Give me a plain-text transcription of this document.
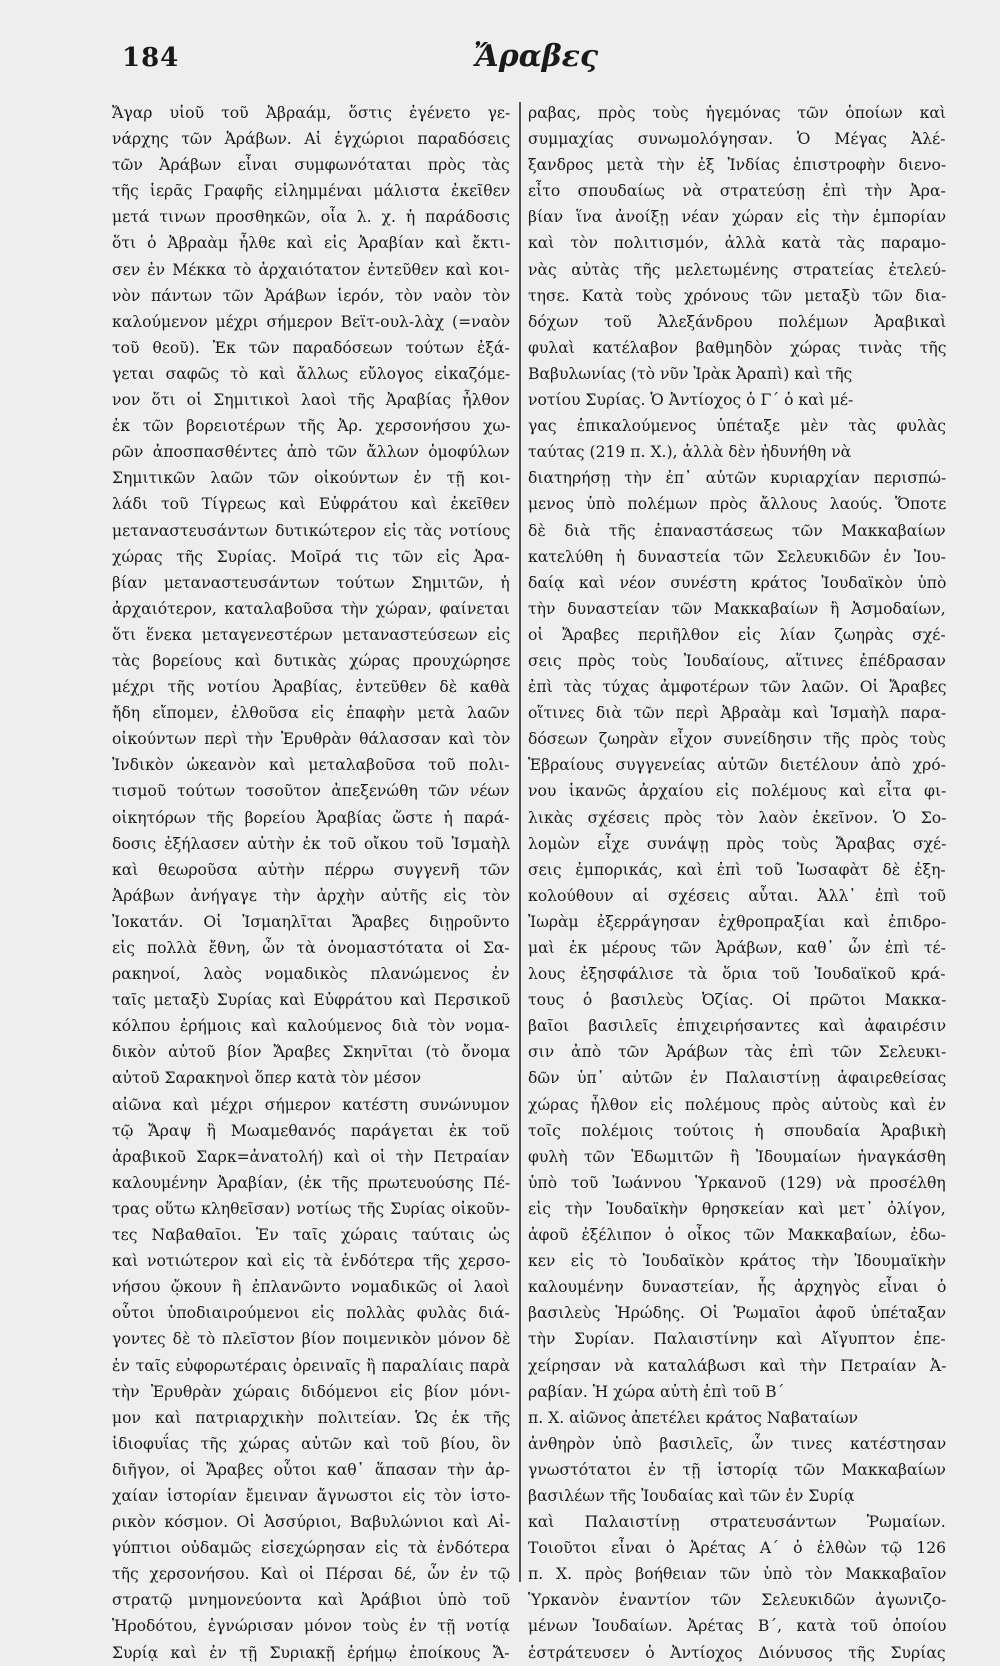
184	Ἄραβες
Ἄγαρ υἱοῦ τοῦ Ἀβραάμ, ὅστις ἐγένετο γε-
νάρχης τῶν Ἀράβων. Αἱ ἐγχώριοι παραδόσεις
τῶν Ἀράβων εἶναι συμφωνόταται πρὸς τὰς
τῆς ἱερᾶς Γραφῆς εἰλημμέναι μάλιστα ἐκεῖθεν
μετά τινων προσθηκῶν, οἷα λ. χ. ἡ παράδοσις
ὅτι ὁ Ἀβραὰμ ἦλθε καὶ εἰς Ἀραβίαν καὶ ἔκτι-
σεν ἐν Μέκκα τὸ ἀρχαιότατον ἐντεῦθεν καὶ κοι-
νὸν πάντων τῶν Ἀράβων ἱερόν, τὸν ναὸν τὸν
καλούμενον μέχρι σήμερον Βεϊτ-ουλ-λὰχ (=ναὸν
τοῦ θεοῦ). Ἐκ τῶν παραδόσεων τούτων ἐξά-
γεται σαφῶς τὸ καὶ ἄλλως εὔλογος εἰκαζόμε-
νον ὅτι οἱ Σημιτικοὶ λαοὶ τῆς Ἀραβίας ἦλθον
ἐκ τῶν βορειοτέρων τῆς Ἀρ. χερσονήσου χω-
ρῶν ἀποσπασθέντες ἀπὸ τῶν ἄλλων ὁμοφύλων
Σημιτικῶν λαῶν τῶν οἰκούντων ἐν τῇ κοι-
λάδι τοῦ Τίγρεως καὶ Εὐφράτου καὶ ἐκεῖθεν
μεταναστευσάντων δυτικώτερον εἰς τὰς νοτίους
χώρας τῆς Συρίας. Μοῖρά τις τῶν εἰς Ἀρα-
βίαν μεταναστευσάντων τούτων Σημιτῶν, ἡ
ἀρχαιότερον, καταλαβοῦσα τὴν χώραν, φαίνεται
ὅτι ἕνεκα μεταγενεστέρων μεταναστεύσεων εἰς
τὰς βορείους καὶ δυτικὰς χώρας προυχώρησε
μέχρι τῆς νοτίου Ἀραβίας, ἐντεῦθεν δὲ καθὰ
ἤδη εἴπομεν, ἐλθοῦσα εἰς ἐπαφὴν μετὰ λαῶν
οἰκούντων περὶ τὴν Ἐρυθρὰν θάλασσαν καὶ τὸν
Ἰνδικὸν ὠκεανὸν καὶ μεταλαβοῦσα τοῦ πολι-
τισμοῦ τούτων τοσοῦτον ἀπεξενώθη τῶν νέων
οἰκητόρων τῆς βορείου Ἀραβίας ὥστε ἡ παρά-
δοσις ἐξήλασεν αὐτὴν ἐκ τοῦ οἴκου τοῦ Ἰσμαὴλ
καὶ θεωροῦσα αὐτὴν πέρρω συγγενῆ τῶν
Ἀράβων ἀνήγαγε τὴν ἀρχὴν αὐτῆς εἰς τὸν
Ἰοκατάν. Οἱ Ἰσμαηλῖται Ἄραβες διῃροῦντο
εἰς πολλὰ ἔθνη, ὧν τὰ ὀνομαστότατα οἱ Σα-
ρακηνοί, λαὸς νομαδικὸς πλανώμενος ἐν
ταῖς μεταξὺ Συρίας καὶ Εὐφράτου καὶ Περσικοῦ
κόλπου ἐρήμοις καὶ καλούμενος διὰ τὸν νομα-
δικὸν αὐτοῦ βίον Ἄραβες Σκηνῖται (τὸ ὄνομα
αὐτοῦ Σαρακηνοὶ ὅπερ κατὰ τὸν μέσον
αἰῶνα καὶ μέχρι σήμερον κατέστη συνώνυμον
τῷ Ἄραψ ἢ Μωαμεθανός παράγεται ἐκ τοῦ
ἀραβικοῦ Σαρκ=ἀνατολή) καὶ οἱ τὴν Πετραίαν
καλουμένην Ἀραβίαν, (ἐκ τῆς πρωτευούσης Πέ-
τρας οὕτω κληθεῖσαν) νοτίως τῆς Συρίας οἰκοῦν-
τες Ναβαθαῖοι. Ἐν ταῖς χώραις ταύταις ὡς
καὶ νοτιώτερον καὶ εἰς τὰ ἐνδότερα τῆς χερσο-
νήσου ᾤκουν ἢ ἐπλανῶντο νομαδικῶς οἱ λαοὶ
οὗτοι ὑποδιαιρούμενοι εἰς πολλὰς φυλὰς διά-
γοντες δὲ τὸ πλεῖστον βίον ποιμενικὸν μόνον δὲ
ἐν ταῖς εὐφορωτέραις ὀρειναῖς ἢ παραλίαις παρὰ
τὴν Ἐρυθρὰν χώραις διδόμενοι εἰς βίον μόνι-
μον καὶ πατριαρχικὴν πολιτείαν. Ὡς ἐκ τῆς
ἰδιοφυΐας τῆς χώρας αὐτῶν καὶ τοῦ βίου, ὃν
διῆγον, οἱ Ἄραβες οὗτοι καθ᾽ ἅπασαν τὴν ἀρ-
χαίαν ἱστορίαν ἔμειναν ἄγνωστοι εἰς τὸν ἱστο-
ρικὸν κόσμον. Οἱ Ἀσσύριοι, Βαβυλώνιοι καὶ Αἰ-
γύπτιοι οὐδαμῶς εἰσεχώρησαν εἰς τὰ ἐνδότερα
τῆς χερσονήσου. Καὶ οἱ Πέρσαι δέ, ὧν ἐν τῷ
στρατῷ μνημονεύοντα καὶ Ἀράβιοι ὑπὸ τοῦ
Ἡροδότου, ἐγνώρισαν μόνον τοὺς ἐν τῇ νοτίᾳ
Συρίᾳ καὶ ἐν τῇ Συριακῇ ἐρήμῳ ἐποίκους Ἄ-
ραβας, πρὸς τοὺς ἡγεμόνας τῶν ὁποίων καὶ
συμμαχίας συνωμολόγησαν. Ὁ Μέγας Ἀλέ-
ξανδρος μετὰ τὴν ἐξ Ἰνδίας ἐπιστροφὴν διενο-
εἶτο σπουδαίως νὰ στρατεύσῃ ἐπὶ τὴν Ἀρα-
βίαν ἵνα ἀνοίξῃ νέαν χώραν εἰς τὴν ἐμπορίαν
καὶ τὸν πολιτισμόν, ἀλλὰ κατὰ τὰς παραμο-
νὰς αὐτὰς τῆς μελετωμένης στρατείας ἐτελεύ-
τησε. Κατὰ τοὺς χρόνους τῶν μεταξὺ τῶν δια-
δόχων τοῦ Ἀλεξάνδρου πολέμων Ἀραβικαὶ
φυλαὶ κατέλαβον βαθμηδὸν χώρας τινὰς τῆς
Βαβυλωνίας (τὸ νῦν Ἰρὰκ Ἀραπὶ) καὶ τῆς
νοτίου Συρίας. Ὁ Ἀντίοχος ὁ Γ´ ὁ καὶ μέ-
γας ἐπικαλούμενος ὑπέταξε μὲν τὰς φυλὰς
ταύτας (219 π. Χ.), ἀλλὰ δὲν ἠδυνήθη νὰ
διατηρήσῃ τὴν ἐπ᾽ αὐτῶν κυριαρχίαν περισπώ-
μενος ὑπὸ πολέμων πρὸς ἄλλους λαούς. Ὅποτε
δὲ διὰ τῆς ἐπαναστάσεως τῶν Μακκαβαίων
κατελύθη ἡ δυναστεία τῶν Σελευκιδῶν ἐν Ἰου-
δαίᾳ καὶ νέον συνέστη κράτος Ἰουδαϊκὸν ὑπὸ
τὴν δυναστείαν τῶν Μακκαβαίων ἢ Ἀσμοδαίων,
οἱ Ἄραβες περιῆλθον εἰς λίαν ζωηρὰς σχέ-
σεις πρὸς τοὺς Ἰουδαίους, αἵτινες ἐπέδρασαν
ἐπὶ τὰς τύχας ἀμφοτέρων τῶν λαῶν. Οἱ Ἄραβες
οἵτινες διὰ τῶν περὶ Ἀβραὰμ καὶ Ἰσμαὴλ παρα-
δόσεων ζωηρὰν εἶχον συνείδησιν τῆς πρὸς τοὺς
Ἑβραίους συγγενείας αὐτῶν διετέλουν ἀπὸ χρό-
νου ἱκανῶς ἀρχαίου εἰς πολέμους καὶ εἶτα φι-
λικὰς σχέσεις πρὸς τὸν λαὸν ἐκεῖνον. Ὁ Σο-
λομὼν εἶχε συνάψῃ πρὸς τοὺς Ἄραβας σχέ-
σεις ἐμπορικάς, καὶ ἐπὶ τοῦ Ἰωσαφὰτ δὲ ἐξη-
κολούθουν αἱ σχέσεις αὗται. Ἀλλ᾽ ἐπὶ τοῦ
Ἰωρὰμ ἐξερράγησαν ἐχθροπραξίαι καὶ ἐπιδρο-
μαὶ ἐκ μέρους τῶν Ἀράβων, καθ᾽ ὧν ἐπὶ τέ-
λους ἐξησφάλισε τὰ ὅρια τοῦ Ἰουδαϊκοῦ κρά-
τους ὁ βασιλεὺς Ὀζίας. Οἱ πρῶτοι Μακκα-
βαῖοι βασιλεῖς ἐπιχειρήσαντες καὶ ἀφαιρέσιν
σιν ἀπὸ τῶν Ἀράβων τὰς ἐπὶ τῶν Σελευκι-
δῶν ὑπ᾽ αὐτῶν ἐν Παλαιστίνῃ ἀφαιρεθείσας
χώρας ἦλθον εἰς πολέμους πρὸς αὐτοὺς καὶ ἐν
τοῖς πολέμοις τούτοις ἡ σπουδαία Ἀραβικὴ
φυλὴ τῶν Ἐδωμιτῶν ἢ Ἰδουμαίων ἠναγκάσθη
ὑπὸ τοῦ Ἰωάννου Ὑρκανοῦ (129) νὰ προσέλθη
εἰς τὴν Ἰουδαϊκὴν θρησκείαν καὶ μετ᾽ ὀλίγον,
ἀφοῦ ἐξέλιπον ὁ οἶκος τῶν Μακκαβαίων, ἐδω-
κεν εἰς τὸ Ἰουδαϊκὸν κράτος τὴν Ἰδουμαϊκὴν
καλουμένην δυναστείαν, ἧς ἀρχηγὸς εἶναι ὁ
βασιλεὺς Ἡρώδης. Οἱ Ῥωμαῖοι ἀφοῦ ὑπέταξαν
τὴν Συρίαν. Παλαιστίνην καὶ Αἴγυπτον ἐπε-
χείρησαν νὰ καταλάβωσι καὶ τὴν Πετραίαν Ἀ-
ραβίαν. Ἡ χώρα αὐτὴ ἐπὶ τοῦ Β´
π. Χ. αἰῶνος ἀπετέλει κράτος Ναβαταίων
ἀνθηρὸν ὑπὸ βασιλεῖς, ὧν τινες κατέστησαν
γνωστότατοι ἐν τῇ ἱστορίᾳ τῶν Μακκαβαίων
βασιλέων τῆς Ἰουδαίας καὶ τῶν ἐν Συρίᾳ
καὶ Παλαιστίνῃ στρατευσάντων Ῥωμαίων.
Τοιοῦτοι εἶναι ὁ Ἀρέτας Α´ ὁ ἐλθὼν τῷ 126
π. Χ. πρὸς βοήθειαν τῶν ὑπὸ τὸν Μακκαβαῖον
Ὑρκανὸν ἐναντίον τῶν Σελευκιδῶν ἀγωνιζο-
μένων Ἰουδαίων. Ἀρέτας Β´, κατὰ τοῦ ὁποίου
ἐστράτευσεν ὁ Ἀντίοχος Διόνυσος τῆς Συρίας
